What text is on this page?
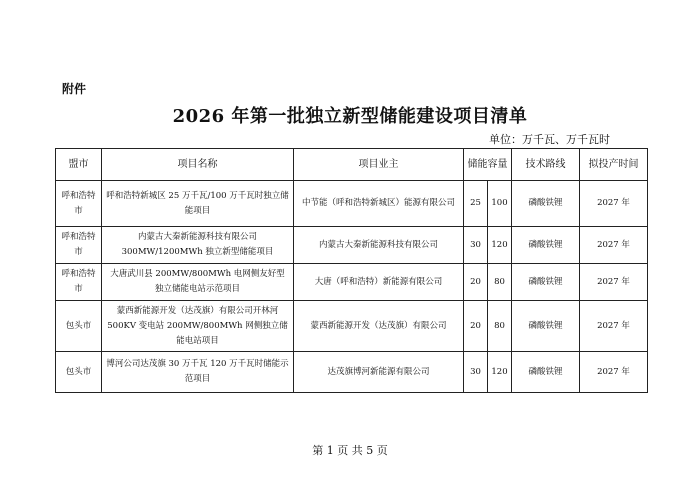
附件
2026 年第一批独立新型储能建设项目清单
单位：万千瓦、万千瓦时
盟市	项目名称	项目业主	储能容量		技术路线	拟投产时间
呼和浩特市	呼和浩特新城区 25 万千瓦/100 万千瓦时独立储能项目	中节能（呼和浩特新城区）能源有限公司	25	100	磷酸铁锂	2027 年
呼和浩特市	内蒙古大秦新能源科技有限公司 300MW/1200MWh 独立新型储能项目	内蒙古大秦新能源科技有限公司	30	120	磷酸铁锂	2027 年
呼和浩特市	大唐武川县 200MW/800MWh 电网侧友好型独立储能电站示范项目	大唐（呼和浩特）新能源有限公司	20	80	磷酸铁锂	2027 年
包头市	蒙西新能源开发（达茂旗）有限公司开林河 500KV 变电站 200MW/800MWh 网侧独立储能电站项目	蒙西新能源开发（达茂旗）有限公司	20	80	磷酸铁锂	2027 年
包头市	博河公司达茂旗 30 万千瓦 120 万千瓦时储能示范项目	达茂旗博河新能源有限公司	30	120	磷酸铁锂	2027 年
第 1 页 共 5 页
